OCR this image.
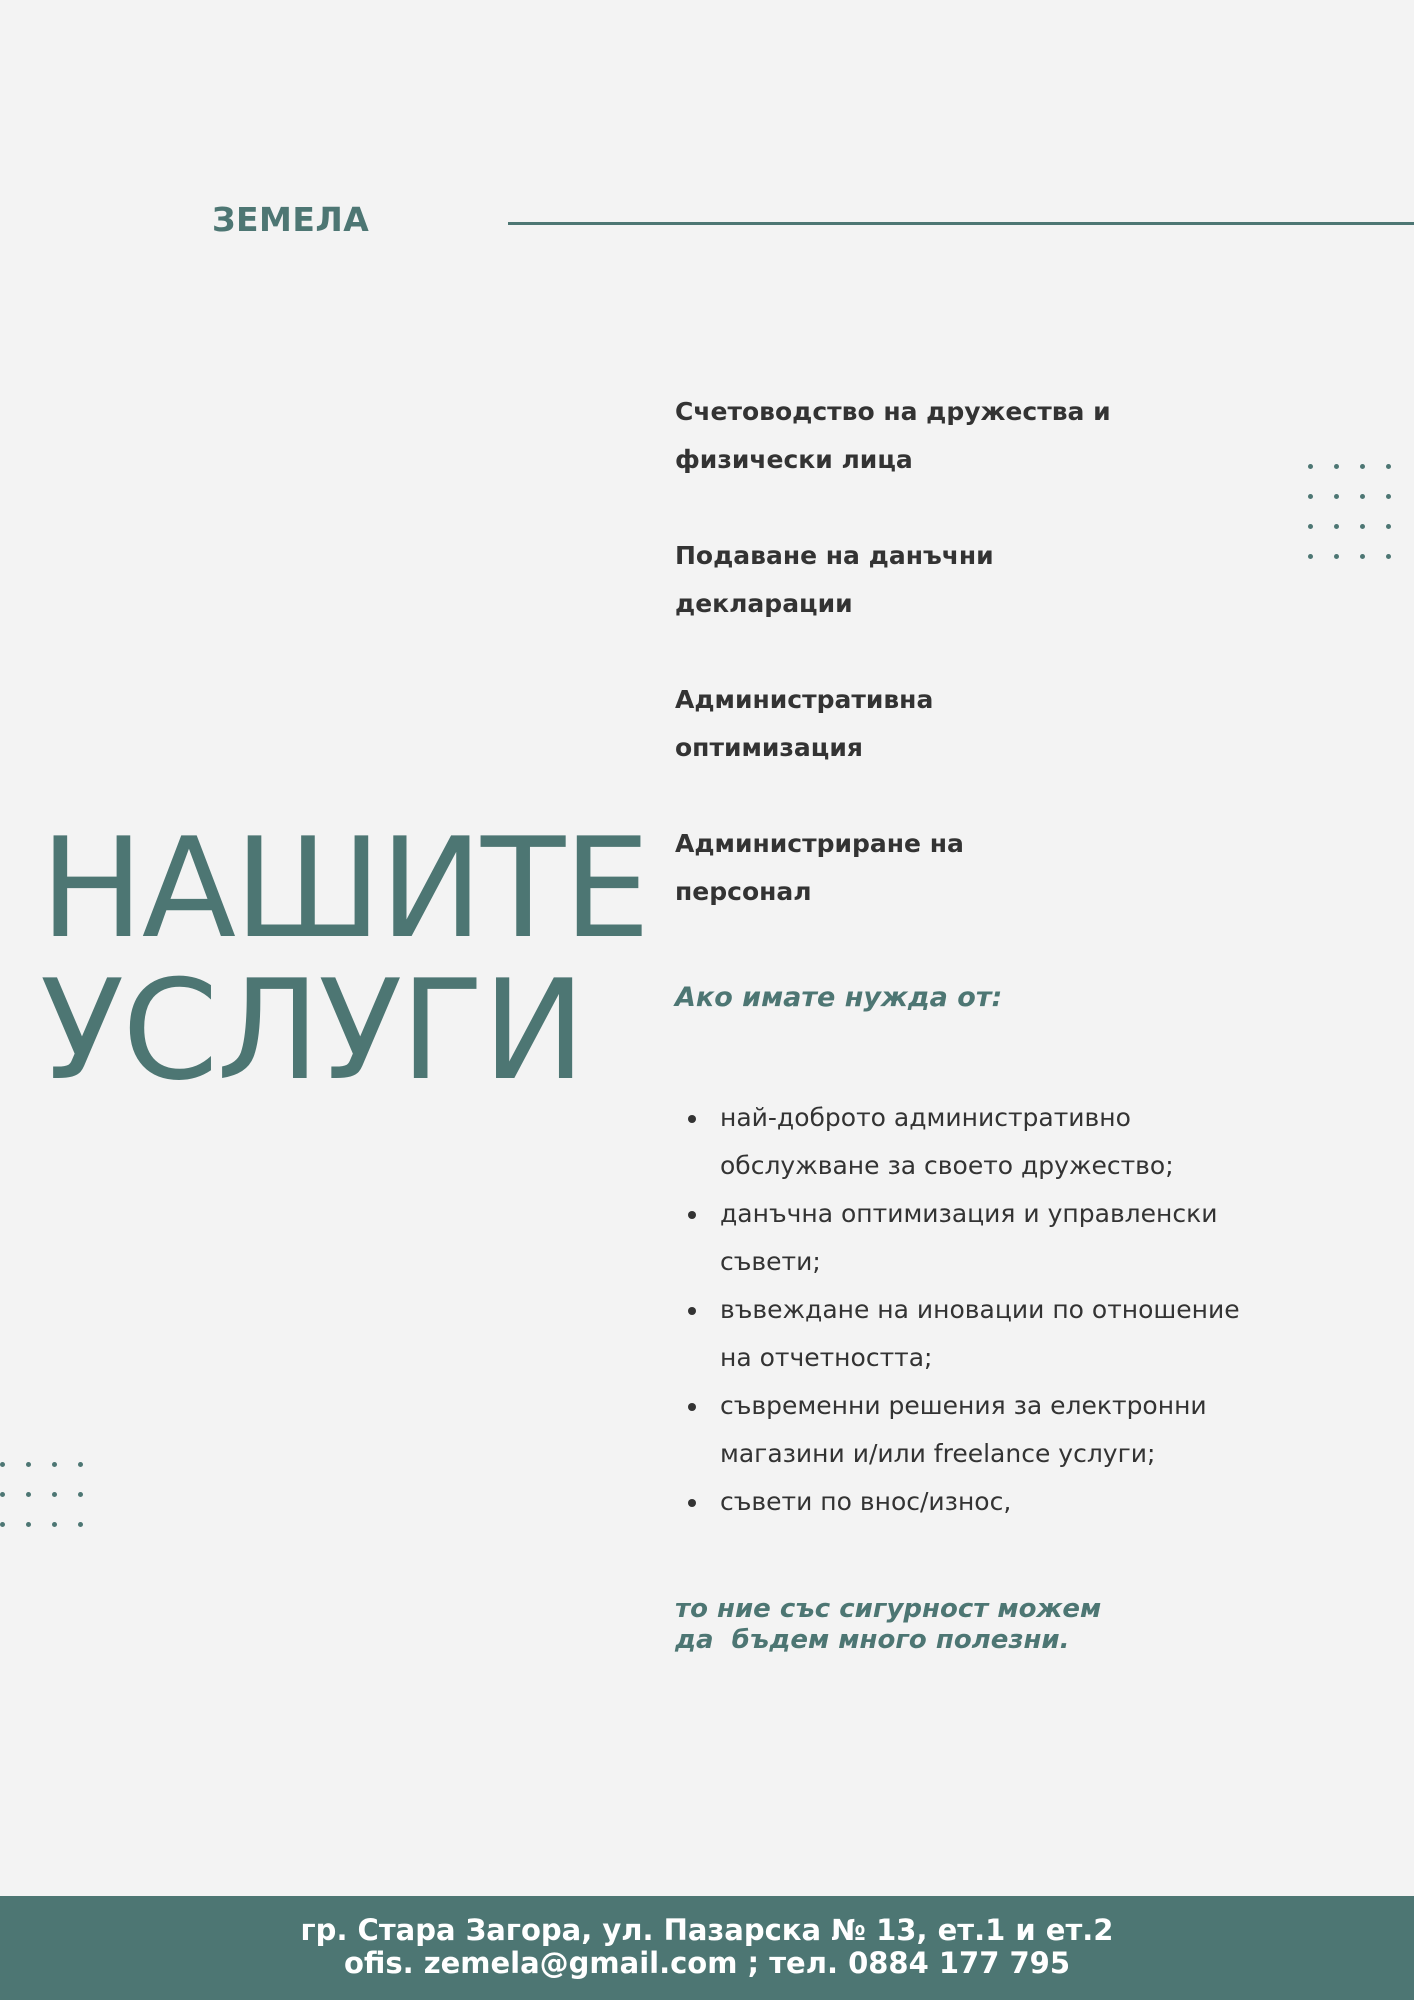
ЗЕМЕЛА
НАШИТЕ
УСЛУГИ
Счетоводство на дружества и
физически лица
Подаване на данъчни
декларации
Административна
оптимизация
Администриране на
персонал
Ако имате нужда от:
най-доброто административно
обслужване за своето дружество;
данъчна оптимизация и управленски
съвети;
въвеждане на иновации по отношение
на отчетността;
съвременни решения за електронни
магазини и/или freelance услуги;
съвети по внос/износ,
то ние със сигурност можем
да  бъдем много полезни.
гр. Стара Загора, ул. Пазарска № 13, ет.1 и ет.2
ofis. zemela@gmail.com ; тел. 0884 177 795
